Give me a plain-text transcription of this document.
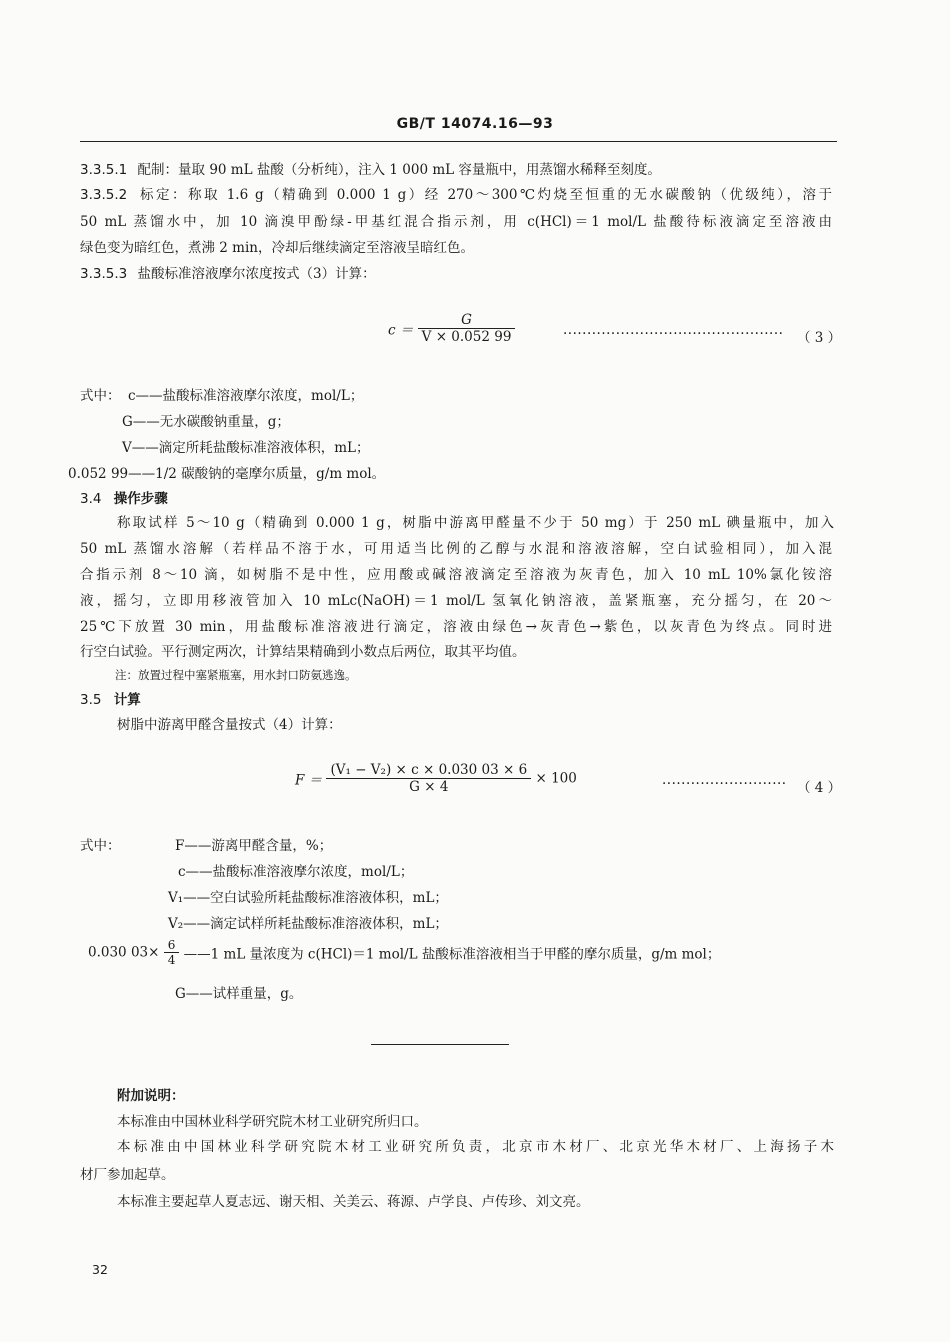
GB/T 14074.16—93
3.3.5.1 配制：量取 90 mL 盐酸（分析纯），注入 1 000 mL 容量瓶中，用蒸馏水稀释至刻度。
3.3.5.2 标定：称取 1.6 g（精确到 0.000 1 g）经 270～300℃灼烧至恒重的无水碳酸钠（优级纯），溶于
50 mL 蒸馏水中，加 10 滴溴甲酚绿-甲基红混合指示剂，用 c(HCl)＝1 mol/L 盐酸待标液滴定至溶液由
绿色变为暗红色，煮沸 2 min，冷却后继续滴定至溶液呈暗红色。
3.3.5.3 盐酸标准溶液摩尔浓度按式（3）计算：
$c = \frac{G}{V \times 0.052 99}$	·············································· （ 3 ）
式中： c——盐酸标准溶液摩尔浓度，mol/L；
G——无水碳酸钠重量，g；
V——滴定所耗盐酸标准溶液体积，mL；
0.052 99——1/2 碳酸钠的毫摩尔质量，g/m mol。
3.4 操作步骤
称取试样 5～10 g（精确到 0.000 1 g，树脂中游离甲醛量不少于 50 mg）于 250 mL 碘量瓶中，加入
50 mL 蒸馏水溶解（若样品不溶于水，可用适当比例的乙醇与水混和溶液溶解，空白试验相同），加入混
合指示剂 8～10 滴，如树脂不是中性，应用酸或碱溶液滴定至溶液为灰青色，加入 10 mL 10%氯化铵溶
液，摇匀，立即用移液管加入 10 mLc(NaOH)＝1 mol/L 氢氧化钠溶液，盖紧瓶塞，充分摇匀，在 20～
25℃下放置 30 min，用盐酸标准溶液进行滴定，溶液由绿色→灰青色→紫色，以灰青色为终点。同时进
行空白试验。平行测定两次，计算结果精确到小数点后两位，取其平均值。
注：放置过程中塞紧瓶塞，用水封口防氨逃逸。
3.5 计算
树脂中游离甲醛含量按式（4）计算：
$F = \frac{\text{(V₁ − V₂) × c × 0.030 03 × 6}}{G \times 4} \times 100$	·························· （ 4 ）
式中：	F——游离甲醛含量，%；
c——盐酸标准溶液摩尔浓度，mol/L；
V₁——空白试验所耗盐酸标准溶液体积，mL；
V₂——滴定试样所耗盐酸标准溶液体积，mL；
0.030 $03\times \frac{6}{4}$ ——1 mL 量浓度为 c(HCl)＝1 mol/L 盐酸标准溶液相当于甲醛的摩尔质量，g/m mol；
G——试样重量，g。
附加说明：
本标准由中国林业科学研究院木材工业研究所归口。
本标准由中国林业科学研究院木材工业研究所负责，北京市木材厂、北京光华木材厂、上海扬子木
材厂参加起草。
本标准主要起草人夏志远、谢天相、关美云、蒋源、卢学良、卢传珍、刘文亮。
32
